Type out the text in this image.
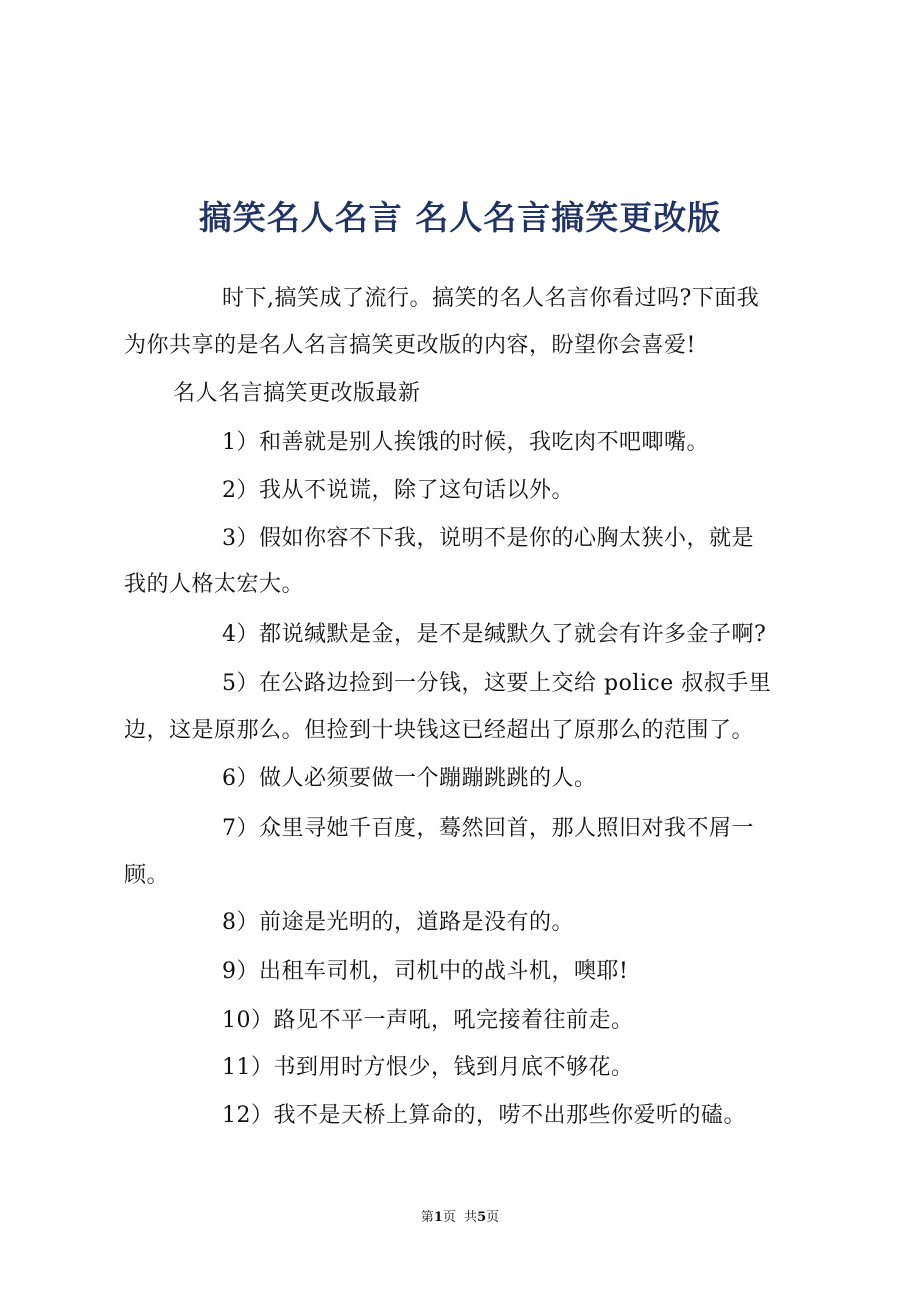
搞笑名人名言 名人名言搞笑更改版
时下,搞笑成了流行。搞笑的名人名言你看过吗?下面我
为你共享的是名人名言搞笑更改版的内容，盼望你会喜爱!
名人名言搞笑更改版最新
1）和善就是别人挨饿的时候，我吃肉不吧唧嘴。
2）我从不说谎，除了这句话以外。
3）假如你容不下我，说明不是你的心胸太狭小，就是
我的人格太宏大。
4）都说缄默是金，是不是缄默久了就会有许多金子啊?
5）在公路边捡到一分钱，这要上交给 police 叔叔手里
边，这是原那么。但捡到十块钱这已经超出了原那么的范围了。
6）做人必须要做一个蹦蹦跳跳的人。
7）众里寻她千百度，蓦然回首，那人照旧对我不屑一
顾。
8）前途是光明的，道路是没有的。
9）出租车司机，司机中的战斗机，噢耶!
10）路见不平一声吼，吼完接着往前走。
11）书到用时方恨少，钱到月底不够花。
12）我不是天桥上算命的，唠不出那些你爱听的磕。
第1页  共5页
